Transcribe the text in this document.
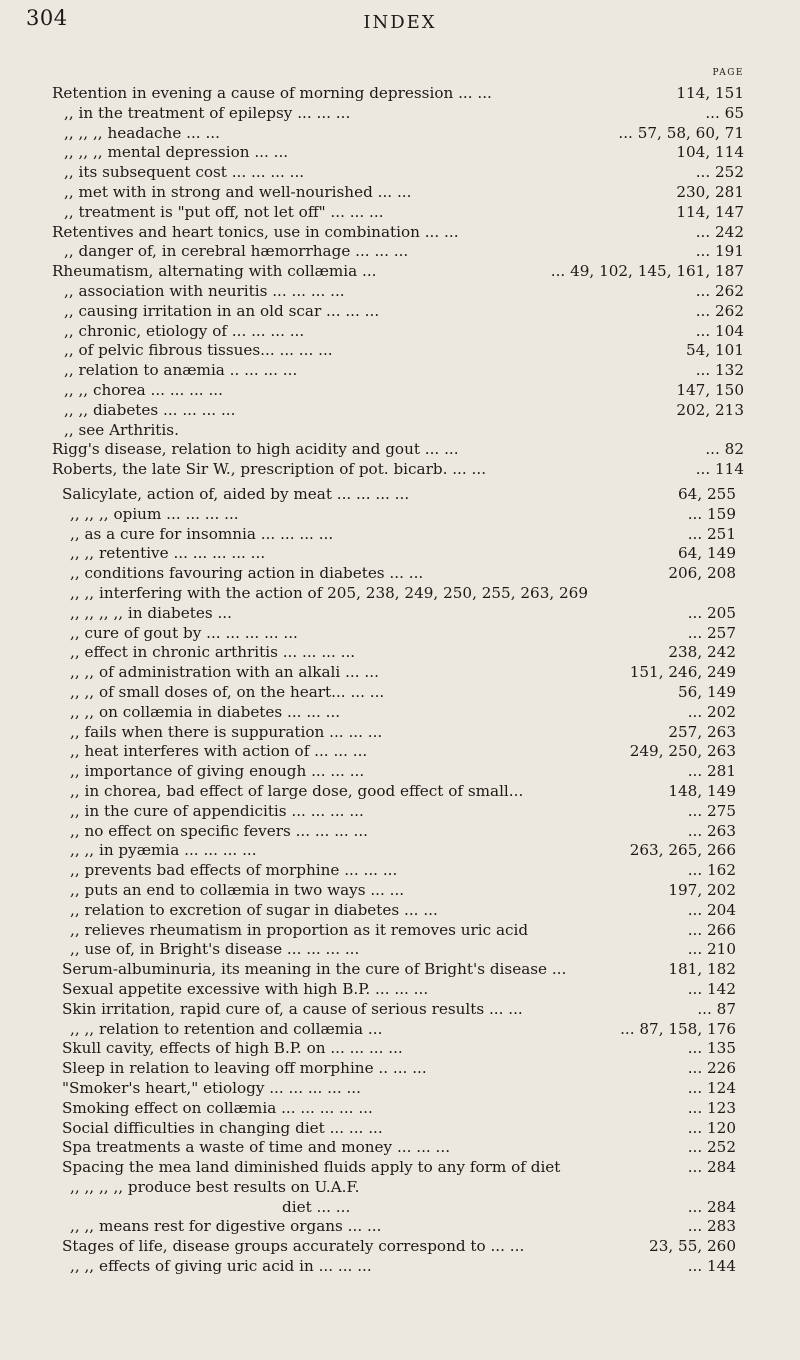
304	INDEX
PAGE
Retention in evening a cause of morning depression ... ...	114, 151
,, in the treatment of epilepsy ... ... ...	... 65
,, ,, ,, headache ... ...	... 57, 58, 60, 71
,, ,, ,, mental depression ... ...	104, 114
,, its subsequent cost ... ... ... ...	... 252
,, met with in strong and well-nourished ... ...	230, 281
,, treatment is "put off, not let off" ... ... ...	114, 147
Retentives and heart tonics, use in combination ... ...	... 242
,, danger of, in cerebral hæmorrhage ... ... ...	... 191
Rheumatism, alternating with collæmia ...	... 49, 102, 145, 161, 187
,, association with neuritis ... ... ... ...	... 262
,, causing irritation in an old scar ... ... ...	... 262
,, chronic, etiology of ... ... ... ...	... 104
,, of pelvic fibrous tissues... ... ... ...	54, 101
,, relation to anæmia .. ... ... ...	... 132
,, ,, chorea ... ... ... ...	147, 150
,, ,, diabetes ... ... ... ...	202, 213
,, see Arthritis.
Rigg's disease, relation to high acidity and gout ... ...	... 82
Roberts, the late Sir W., prescription of pot. bicarb. ... ...	... 114
Salicylate, action of, aided by meat ... ... ... ...	64, 255
,, ,, ,, opium ... ... ... ...	... 159
,, as a cure for insomnia ... ... ... ...	... 251
,, ,, retentive ... ... ... ... ...	64, 149
,, conditions favouring action in diabetes ... ...	206, 208
,, ,, interfering with the action of 205, 238, 249, 250, 255, 263, 269
,, ,, ,, ,, in diabetes ...	... 205
,, cure of gout by ... ... ... ... ...	... 257
,, effect in chronic arthritis ... ... ... ...	238, 242
,, ,, of administration with an alkali ... ...	151, 246, 249
,, ,, of small doses of, on the heart... ... ...	56, 149
,, ,, on collæmia in diabetes ... ... ...	... 202
,, fails when there is suppuration ... ... ...	257, 263
,, heat interferes with action of ... ... ...	249, 250, 263
,, importance of giving enough ... ... ...	... 281
,, in chorea, bad effect of large dose, good effect of small...	148, 149
,, in the cure of appendicitis ... ... ... ...	... 275
,, no effect on specific fevers ... ... ... ...	... 263
,, ,, in pyæmia ... ... ... ...	263, 265, 266
,, prevents bad effects of morphine ... ... ...	... 162
,, puts an end to collæmia in two ways ... ...	197, 202
,, relation to excretion of sugar in diabetes ... ...	... 204
,, relieves rheumatism in proportion as it removes uric acid	... 266
,, use of, in Bright's disease ... ... ... ...	... 210
Serum-albuminuria, its meaning in the cure of Bright's disease ...	181, 182
Sexual appetite excessive with high B.P. ... ... ...	... 142
Skin irritation, rapid cure of, a cause of serious results ... ...	... 87
,, ,, relation to retention and collæmia ...	... 87, 158, 176
Skull cavity, effects of high B.P. on ... ... ... ...	... 135
Sleep in relation to leaving off morphine .. ... ...	... 226
"Smoker's heart," etiology ... ... ... ... ...	... 124
Smoking effect on collæmia ... ... ... ... ...	... 123
Social difficulties in changing diet ... ... ...	... 120
Spa treatments a waste of time and money ... ... ...	... 252
Spacing the mea land diminished fluids apply to any form of diet	... 284
,, ,, ,, ,, produce best results on U.A.F.
diet ... ...	... 284
,, ,, means rest for digestive organs ... ...	... 283
Stages of life, disease groups accurately correspond to ... ...	23, 55, 260
,, ,, effects of giving uric acid in ... ... ...	... 144
